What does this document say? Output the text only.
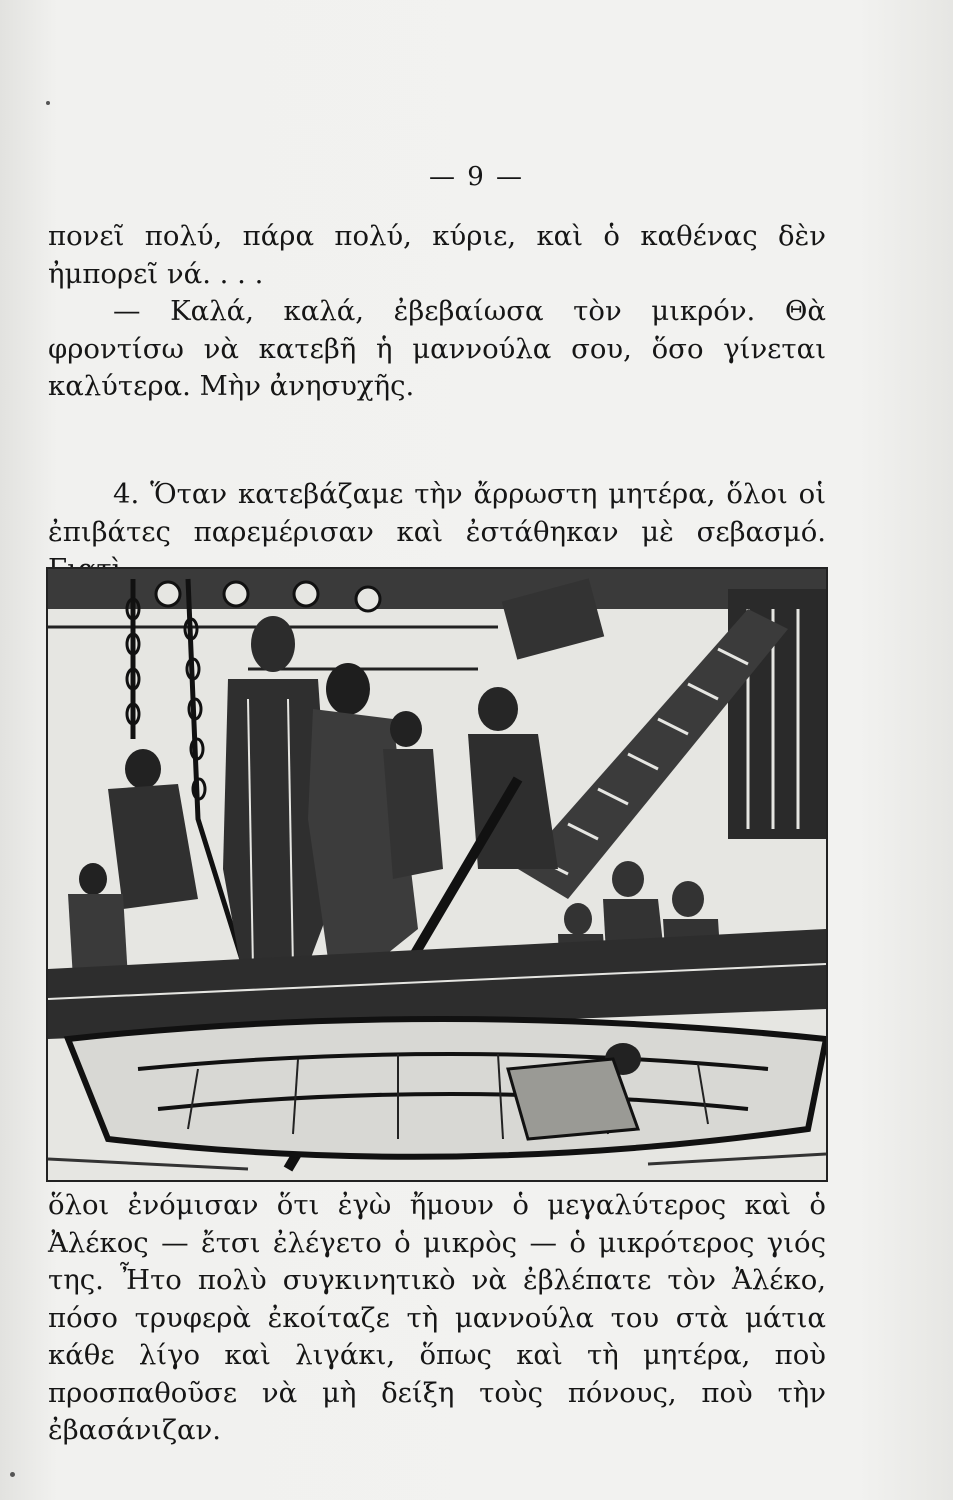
— 9 —

πονεῖ πολύ, πάρα πολύ, κύριε, καὶ ὁ καθένας δὲν ἠμπορεῖ νά. . . .

— Καλά, καλά, ἐβεβαίωσα τὸν μικρόν. Θὰ φροντίσω νὰ κατεβῆ ἡ μαννούλα σου, ὅσο γίνεται καλύτερα. Μὴν ἀνησυχῆς.

4. Ὅταν κατεβάζαμε τὴν ἄρρωστη μητέρα, ὅλοι οἱ ἐπιβάτες παρεμέρισαν καὶ ἐστάθηκαν μὲ σεβασμό.

ὅλοι ἐνόμισαν ὅτι ἐγὼ ἤμουν ὁ μεγαλύτερος καὶ ὁ Ἀλέκος — ἔτσι ἐλέγετο ὁ μικρὸς — ὁ μικρότερος γιός της. Ἦτο πολὺ συγκινητικὸ νὰ ἐβλέπατε τὸν Ἀλέκο, πόσο τρυφερὰ ἐκοίταζε τὴ μαννούλα του στὰ μάτια κάθε λίγο καὶ λιγάκι, ὅπως καὶ τὴ μητέρα, ποὺ προσπαθοῦσε νὰ μὴ δείξη τοὺς πόνους, ποὺ τὴν ἐβασάνιζαν.
